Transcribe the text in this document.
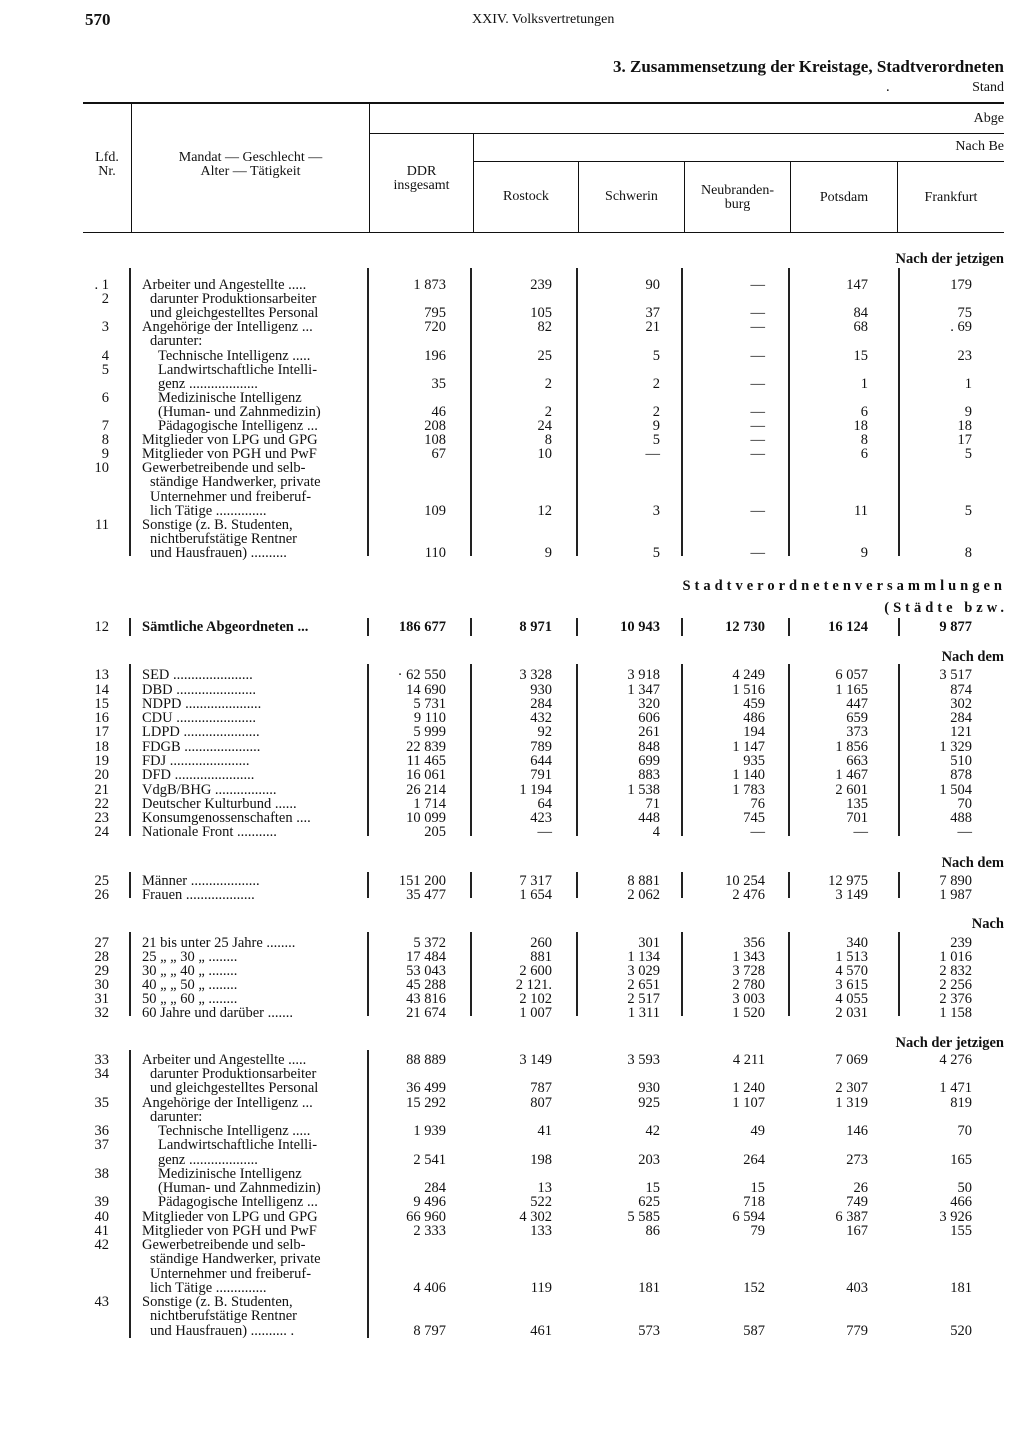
570	XXIV. Volksvertretungen
3. Zusammensetzung der Kreistage, Stadtverordneten
.	Stand
Lfd.
Nr.
Mandat — Geschlecht —
Alter — Tätigkeit	DDR
insgesamt
Abge
Nach Be
Rostock	Schwerin	Neubranden-
burg	Potsdam	Frankfurt
Nach der jetzigen
Stadtverordnetenversammlungen
(Städte bzw.
Nach dem
Nach dem
Nach
Nach der jetzigen
. 1 Arbeiter und Angestellte .....	1 873	239	90	—	147	179
2	darunter Produktionsarbeiter
und gleichgestelltes Personal	795	105	37	—	84	75
3 Angehörige der Intelligenz ...	720	82	21	—	68	. 69
darunter:
4	Technische Intelligenz .....	196	25	5	—	15	23
5	Landwirtschaftliche Intelli-
genz ...................	35	2	2	—	1	1
6	Medizinische Intelligenz
(Human- und Zahnmedizin)	46	2	2	—	6	9
7	Pädagogische Intelligenz ...	208	24	9	—	18	18
8 Mitglieder von LPG und GPG	108	8	5	—	8	17
9 Mitglieder von PGH und PwF	67	10	—	—	6	5
10 Gewerbetreibende und selb-
ständige Handwerker, private
Unternehmer und freiberuf-
lich Tätige ..............	109	12	3	—	11	5
11 Sonstige (z. B. Studenten,
nichtberufstätige Rentner
und Hausfrauen) ..........	110	9	5	—	9	8
12 Sämtliche Abgeordneten ...	186 677	8 971	10 943	12 730	16 124	9 877
13 SED ......................	· 62 550	3 328	3 918	4 249	6 057	3 517
14 DBD ......................	14 690	930	1 347	1 516	1 165	874
15 NDPD .....................	5 731	284	320	459	447	302
16 CDU ......................	9 110	432	606	486	659	284
17 LDPD .....................	5 999	92	261	194	373	121
18 FDGB .....................	22 839	789	848	1 147	1 856	1 329
19 FDJ ......................	11 465	644	699	935	663	510
20 DFD ......................	16 061	791	883	1 140	1 467	878
21 VdgB/BHG .................	26 214	1 194	1 538	1 783	2 601	1 504
22 Deutscher Kulturbund ......	1 714	64	71	76	135	70
23 Konsumgenossenschaften ....	10 099	423	448	745	701	488
24 Nationale Front ...........	205	—	4	—	—	—
25 Männer ...................	151 200	7 317	8 881	10 254	12 975	7 890
26 Frauen ...................	35 477	1 654	2 062	2 476	3 149	1 987
27 21 bis unter 25 Jahre ........	5 372	260	301	356	340	239
28 25 „ „ 30 „ ........	17 484	881	1 134	1 343	1 513	1 016
29 30 „ „ 40 „ ........	53 043	2 600	3 029	3 728	4 570	2 832
30 40 „ „ 50 „ ........	45 288	2 121.	2 651	2 780	3 615	2 256
31 50 „ „ 60 „ ........	43 816	2 102	2 517	3 003	4 055	2 376
32 60 Jahre und darüber .......	21 674	1 007	1 311	1 520	2 031	1 158
33 Arbeiter und Angestellte .....	88 889	3 149	3 593	4 211	7 069	4 276
34	darunter Produktionsarbeiter
und gleichgestelltes Personal	36 499	787	930	1 240	2 307	1 471
35 Angehörige der Intelligenz ...	15 292	807	925	1 107	1 319	819
darunter:
36	Technische Intelligenz .....	1 939	41	42	49	146	70
37	Landwirtschaftliche Intelli-
genz ...................	2 541	198	203	264	273	165
38	Medizinische Intelligenz
(Human- und Zahnmedizin)	284	13	15	15	26	50
39	Pädagogische Intelligenz ...	9 496	522	625	718	749	466
40 Mitglieder von LPG und GPG	66 960	4 302	5 585	6 594	6 387	3 926
41 Mitglieder von PGH und PwF	2 333	133	86	79	167	155
42 Gewerbetreibende und selb-
ständige Handwerker, private
Unternehmer und freiberuf-
lich Tätige ..............	4 406	119	181	152	403	181
43 Sonstige (z. B. Studenten,
nichtberufstätige Rentner
und Hausfrauen) .......... .	8 797	461	573	587	779	520
